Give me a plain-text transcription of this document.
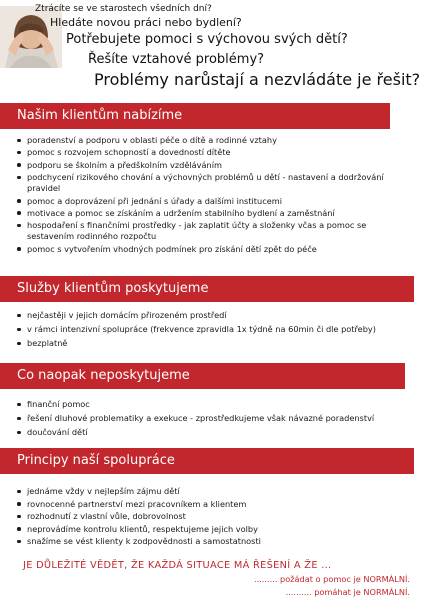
Ztrácíte se ve starostech všedních dní?
Hledáte novou práci nebo bydlení?
Potřebujete pomoci s výchovou svých dětí?
Řešíte vztahové problémy?
Problémy narůstají a nezvládáte je řešit?
Našim klientům nabízíme
poradenství a podporu v oblasti péče o dítě a rodinné vztahy
pomoc s rozvojem schopností a dovedností dítěte
podporu se školním a předškolním vzděláváním
podchycení rizikového chování a výchovných problémů u dětí - nastavení a dodržování pravidel
pomoc a doprovázení při jednání s úřady a dalšími institucemi
motivace a pomoc se získáním a udržením stabilního bydlení a zaměstnání
hospodaření s finančními prostředky - jak zaplatit účty a složenky včas a pomoc se sestavením rodinného rozpočtu
pomoc s vytvořením vhodných podmínek pro získání dětí zpět do péče
Služby klientům poskytujeme
nejčastěji v jejich domácím přirozeném prostředí
v rámci intenzivní spolupráce (frekvence zpravidla 1x týdně na 60min či dle potřeby)
bezplatně
Co naopak neposkytujeme
finanční pomoc
řešení dluhové problematiky a exekuce - zprostředkujeme však návazné poradenství
doučování dětí
Principy naší spolupráce
jednáme vždy v nejlepším zájmu dětí
rovnocenné partnerství mezi pracovníkem a klientem
rozhodnutí z vlastní vůle, dobrovolnost
neprovádíme kontrolu klientů, respektujeme jejich volby
snažíme se vést klienty k zodpovědnosti a samostatnosti
JE DŮLEŽITÉ VĚDĚT, ŽE KAŽDÁ SITUACE MÁ ŘEŠENÍ A ŽE ...
......... požádat o pomoc je NORMÁLNÍ.
.......... pomáhat je NORMÁLNÍ.
